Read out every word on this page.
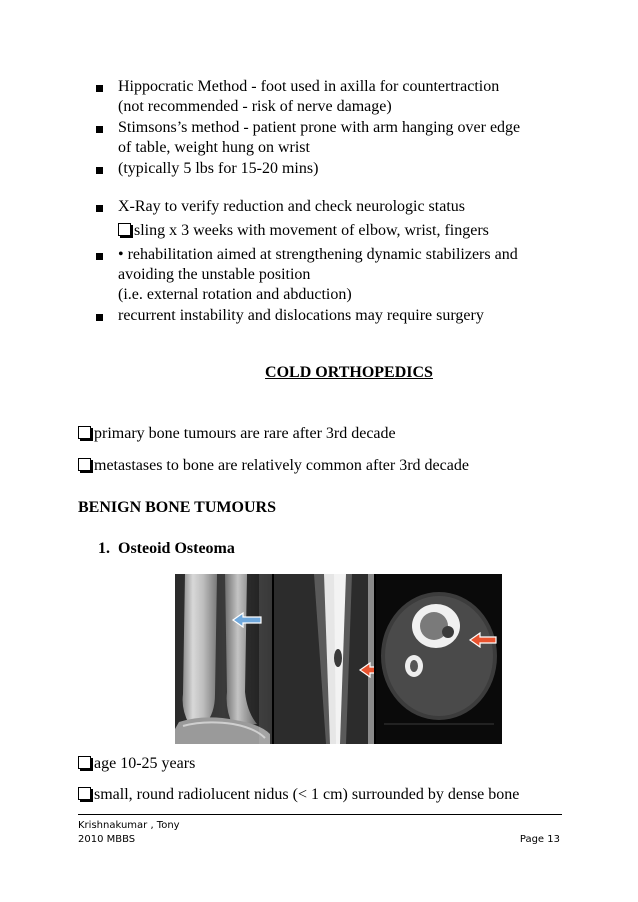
Hippocratic Method - foot used in axilla for countertraction
(not recommended - risk of nerve damage)
Stimsons’s method - patient prone with arm hanging over edge
of table, weight hung on wrist
(typically 5 lbs for 15-20 mins)
X-Ray to verify reduction and check neurologic status
sling x 3 weeks with movement of elbow, wrist, fingers
• rehabilitation aimed at strengthening dynamic stabilizers and
avoiding the unstable position
(i.e. external rotation and abduction)
recurrent instability and dislocations may require surgery
COLD ORTHOPEDICS
primary bone tumours are rare after 3rd decade
metastases to bone are relatively common after 3rd decade
BENIGN BONE TUMOURS
1. Osteoid Osteoma
age 10-25 years
small, round radiolucent nidus (< 1 cm) surrounded by dense bone
Krishnakumar , Tony
2010 MBBS	Page 13
